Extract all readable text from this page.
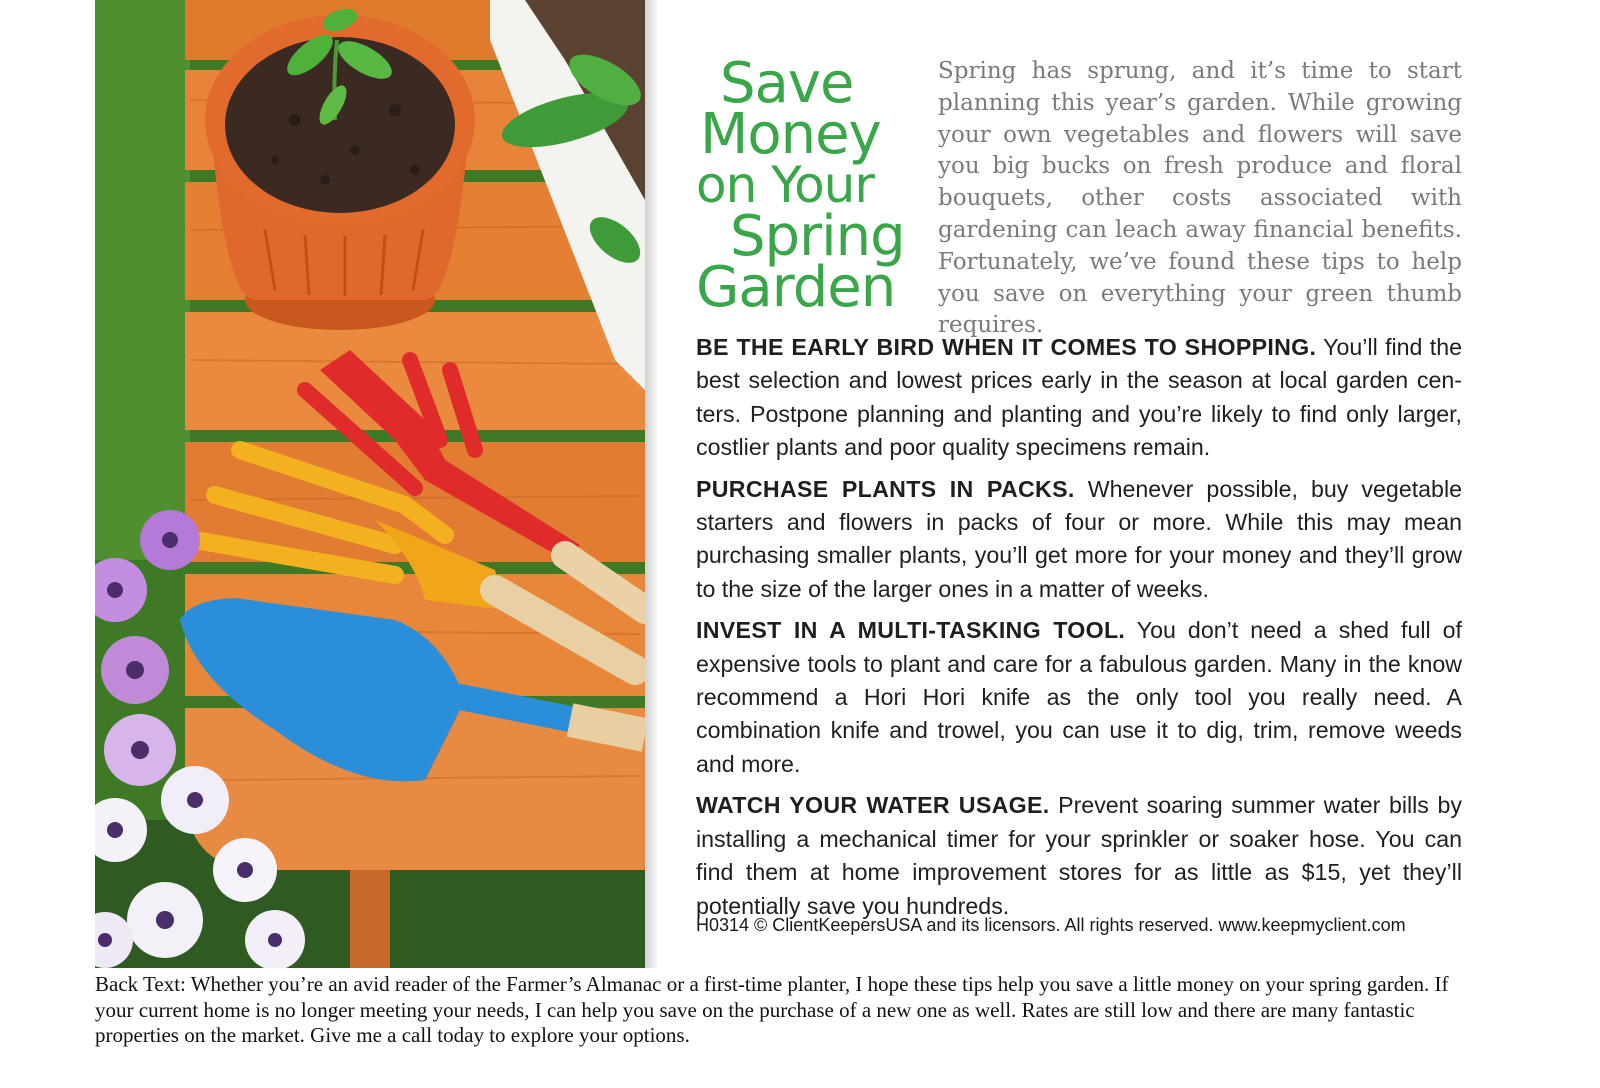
Save
Money
on Your
Spring
Garden

Spring has sprung, and it’s time to start planning this year’s garden. While growing your own vegetables and flowers will save you big bucks on fresh produce and floral bouquets, other costs associated with gardening can leach away financial benefits. Fortunately, we’ve found these tips to help you save on everything your green thumb requires.

BE THE EARLY BIRD WHEN IT COMES TO SHOPPING. You’ll find the best selection and lowest prices early in the season at local garden centers. Postpone planning and planting and you’re likely to find only larger, costlier plants and poor quality specimens remain.
PURCHASE PLANTS IN PACKS. Whenever possible, buy vegetable starters and flowers in packs of four or more. While this may mean purchasing smaller plants, you’ll get more for your money and they’ll grow to the size of the larger ones in a matter of weeks.
INVEST IN A MULTI-TASKING TOOL. You don’t need a shed full of expensive tools to plant and care for a fabulous garden. Many in the know recommend a Hori Hori knife as the only tool you really need. A combination knife and trowel, you can use it to dig, trim, remove weeds and more.
WATCH YOUR WATER USAGE. Prevent soaring summer water bills by installing a mechanical timer for your sprinkler or soaker hose. You can find them at home improvement stores for as little as $15, yet they’ll potentially save you hundreds.

H0314 © ClientKeepersUSA and its licensors. All rights reserved. www.keepmyclient.com

Back Text: Whether you’re an avid reader of the Farmer’s Almanac or a first-time planter, I hope these tips help you save a little money on your spring garden. If your current home is no longer meeting your needs, I can help you save on the purchase of a new one as well. Rates are still low and there are many fantastic properties on the market. Give me a call today to explore your options.
